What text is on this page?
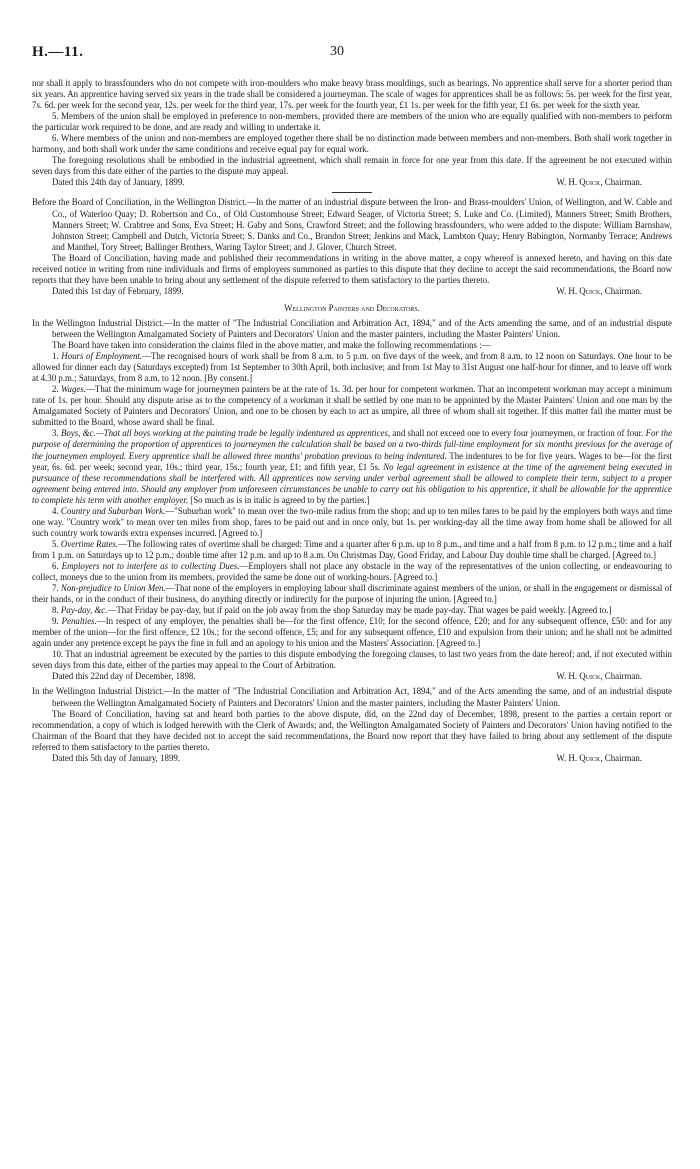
H.—11.	30

nor shall it apply to brassfounders who do not compete with iron-moulders who make heavy brass mouldings, such as bearings. No apprentice shall serve for a shorter period than six years. An apprentice having served six years in the trade shall be considered a journeyman. The scale of wages for apprentices shall be as follows: 5s. per week for the first year, 7s. 6d. per week for the second year, 12s. per week for the third year, 17s. per week for the fourth year, £1 1s. per week for the fifth year, £1 6s. per week for the sixth year.

5. Members of the union shall be employed in preference to non-members, provided there are members of the union who are equally qualified with non-members to perform the particular work required to be done, and are ready and willing to undertake it.

6. Where members of the union and non-members are employed together there shall be no distinction made between members and non-members. Both shall work together in harmony, and both shall work under the same conditions and receive equal pay for equal work.

The foregoing resolutions shall be embodied in the industrial agreement, which shall remain in force for one year from this date. If the agreement be not executed within seven days from this date either of the parties to the dispute may appeal.

Dated this 24th day of January, 1899.	W. H. Quick, Chairman.

Before the Board of Conciliation, in the Wellington District.—In the matter of an industrial dispute between the Iron- and Brass-moulders' Union, of Wellington, and W. Cable and Co., of Waterloo Quay; D. Robertson and Co., of Old Customhouse Street; Edward Seager, of Victoria Street; S. Luke and Co. (Limited), Manners Street; Smith Brothers, Manners Street; W. Crabtree and Sons, Eva Street; H. Gaby and Sons, Crawford Street; and the following brassfounders, who were added to the dispute: William Barnshaw, Johnston Street; Campbell and Dutch, Victoria Street; S. Danks and Co., Brandon Street; Jenkins and Mack, Lambton Quay; Henry Babington, Normanby Terrace; Andrews and Manthel, Tory Street; Ballinger Brothers, Waring Taylor Street; and J. Glover, Church Street.

The Board of Conciliation, having made and published their recommendations in writing in the above matter, a copy whereof is annexed hereto, and having on this date received notice in writing from nine individuals and firms of employers summoned as parties to this dispute that they decline to accept the said recommendations, the Board now reports that they have been unable to bring about any settlement of the dispute referred to them satisfactory to the parties thereto.

Dated this 1st day of February, 1899.	W. H. Quick, Chairman.

Wellington Painters and Decorators.

In the Wellington Industrial District.—In the matter of "The Industrial Conciliation and Arbitration Act, 1894," and of the Acts amending the same, and of an industrial dispute between the Wellington Amalgamated Society of Painters and Decorators' Union and the master painters, including the Master Painters' Union.

The Board have taken into consideration the claims filed in the above matter, and make the following recommendations :—

1. Hours of Employment.—The recognised hours of work shall be from 8 a.m. to 5 p.m. on five days of the week, and from 8 a.m. to 12 noon on Saturdays. One hour to be allowed for dinner each day (Saturdays excepted) from 1st September to 30th April, both inclusive; and from 1st May to 31st August one half-hour for dinner, and to leave off work at 4.30 p.m.; Saturdays, from 8 a.m. to 12 noon. [By consent.]

2. Wages.—That the minimum wage for journeymen painters be at the rate of 1s. 3d. per hour for competent workmen. That an incompetent workman may accept a minimum rate of 1s. per hour. Should any dispute arise as to the competency of a workman it shall be settled by one man to be appointed by the Master Painters' Union and one man by the Amalgamated Society of Painters and Decorators' Union, and one to be chosen by each to act as umpire, all three of whom shall sit together. If this matter fail the matter must be submitted to the Board, whose award shall be final.

3. Boys, &c.—That all boys working at the painting trade be legally indentured as apprentices, and shall not exceed one to every four journeymen, or fraction of four. For the purpose of determining the proportion of apprentices to journeymen the calculation shall be based on a two-thirds full-time employment for six months previous for the average of the journeymen employed. Every apprentice shall be allowed three months' probation previous to being indentured. The indentures to be for five years. Wages to be—for the first year, 6s. 6d. per week; second year, 10s.; third year, 15s.; fourth year, £1; and fifth year, £1 5s. No legal agreement in existence at the time of the agreement being executed in pursuance of these recommendations shall be interfered with. All apprentices now serving under verbal agreement shall be allowed to complete their term, subject to a proper agreement being entered into. Should any employer from unforeseen circumstances be unable to carry out his obligation to his apprentice, it shall be allowable for the apprentice to complete his term with another employer. [So much as is in italic is agreed to by the parties.]

4. Country and Suburban Work.—"Suburban work" to mean over the two-mile radius from the shop; and up to ten miles fares to be paid by the employers both ways and time one way. "Country work" to mean over ten miles from shop, fares to be paid out and in once only, but 1s. per working-day all the time away from home shall be allowed for all such country work towards extra expenses incurred. [Agreed to.]

5. Overtime Rates.—The following rates of overtime shall be charged: Time and a quarter after 6 p.m. up to 8 p.m., and time and a half from 8 p.m. to 12 p.m.; time and a half from 1 p.m. on Saturdays up to 12 p.m.; double time after 12 p.m. and up to 8 a.m. On Christmas Day, Good Friday, and Labour Day double time shall be charged. [Agreed to.]

6. Employers not to interfere as to collecting Dues.—Employers shall not place any obstacle in the way of the representatives of the union collecting, or endeavouring to collect, moneys due to the union from its members, provided the same be done out of working-hours. [Agreed to.]

7. Non-prejudice to Union Men.—That none of the employers in employing labour shall discriminate against members of the union, or shall in the engagement or dismissal of their hands, or in the conduct of their business, do anything directly or indirectly for the purpose of injuring the union. [Agreed to.]

8. Pay-day, &c.—That Friday be pay-day, but if paid on the job away from the shop Saturday may be made pay-day. That wages be paid weekly. [Agreed to.]

9. Penalties.—In respect of any employer, the penalties shall be—for the first offence, £10; for the second offence, £20; and for any subsequent offence, £50: and for any member of the union—for the first offence, £2 10s.; for the second offence, £5; and for any subsequent offence, £10 and expulsion from their union; and he shall not be admitted again under any pretence except he pays the fine in full and an apology to his union and the Masters' Association. [Agreed to.]

10. That an industrial agreement be executed by the parties to this dispute embodying the foregoing clauses, to last two years from the date hereof; and, if not executed within seven days from this date, either of the parties may appeal to the Court of Arbitration.

Dated this 22nd day of December, 1898.	W. H. Quick, Chairman.

In the Wellington Industrial District.—In the matter of "The Industrial Conciliation and Arbitration Act, 1894," and of the Acts amending the same, and of an industrial dispute between the Wellington Amalgamated Society of Painters and Decorators' Union and the master painters, including the Master Painters' Union.

The Board of Conciliation, having sat and heard both parties to the above dispute, did, on the 22nd day of December, 1898, present to the parties a certain report or recommendation, a copy of which is lodged herewith with the Clerk of Awards; and, the Wellington Amalgamated Society of Painters and Decorators' Union having notified to the Chairman of the Board that they have decided not to accept the said recommendations, the Board now report that they have failed to bring about any settlement of the dispute referred to them satisfactory to the parties thereto.

Dated this 5th day of January, 1899.	W. H. Quick, Chairman.
